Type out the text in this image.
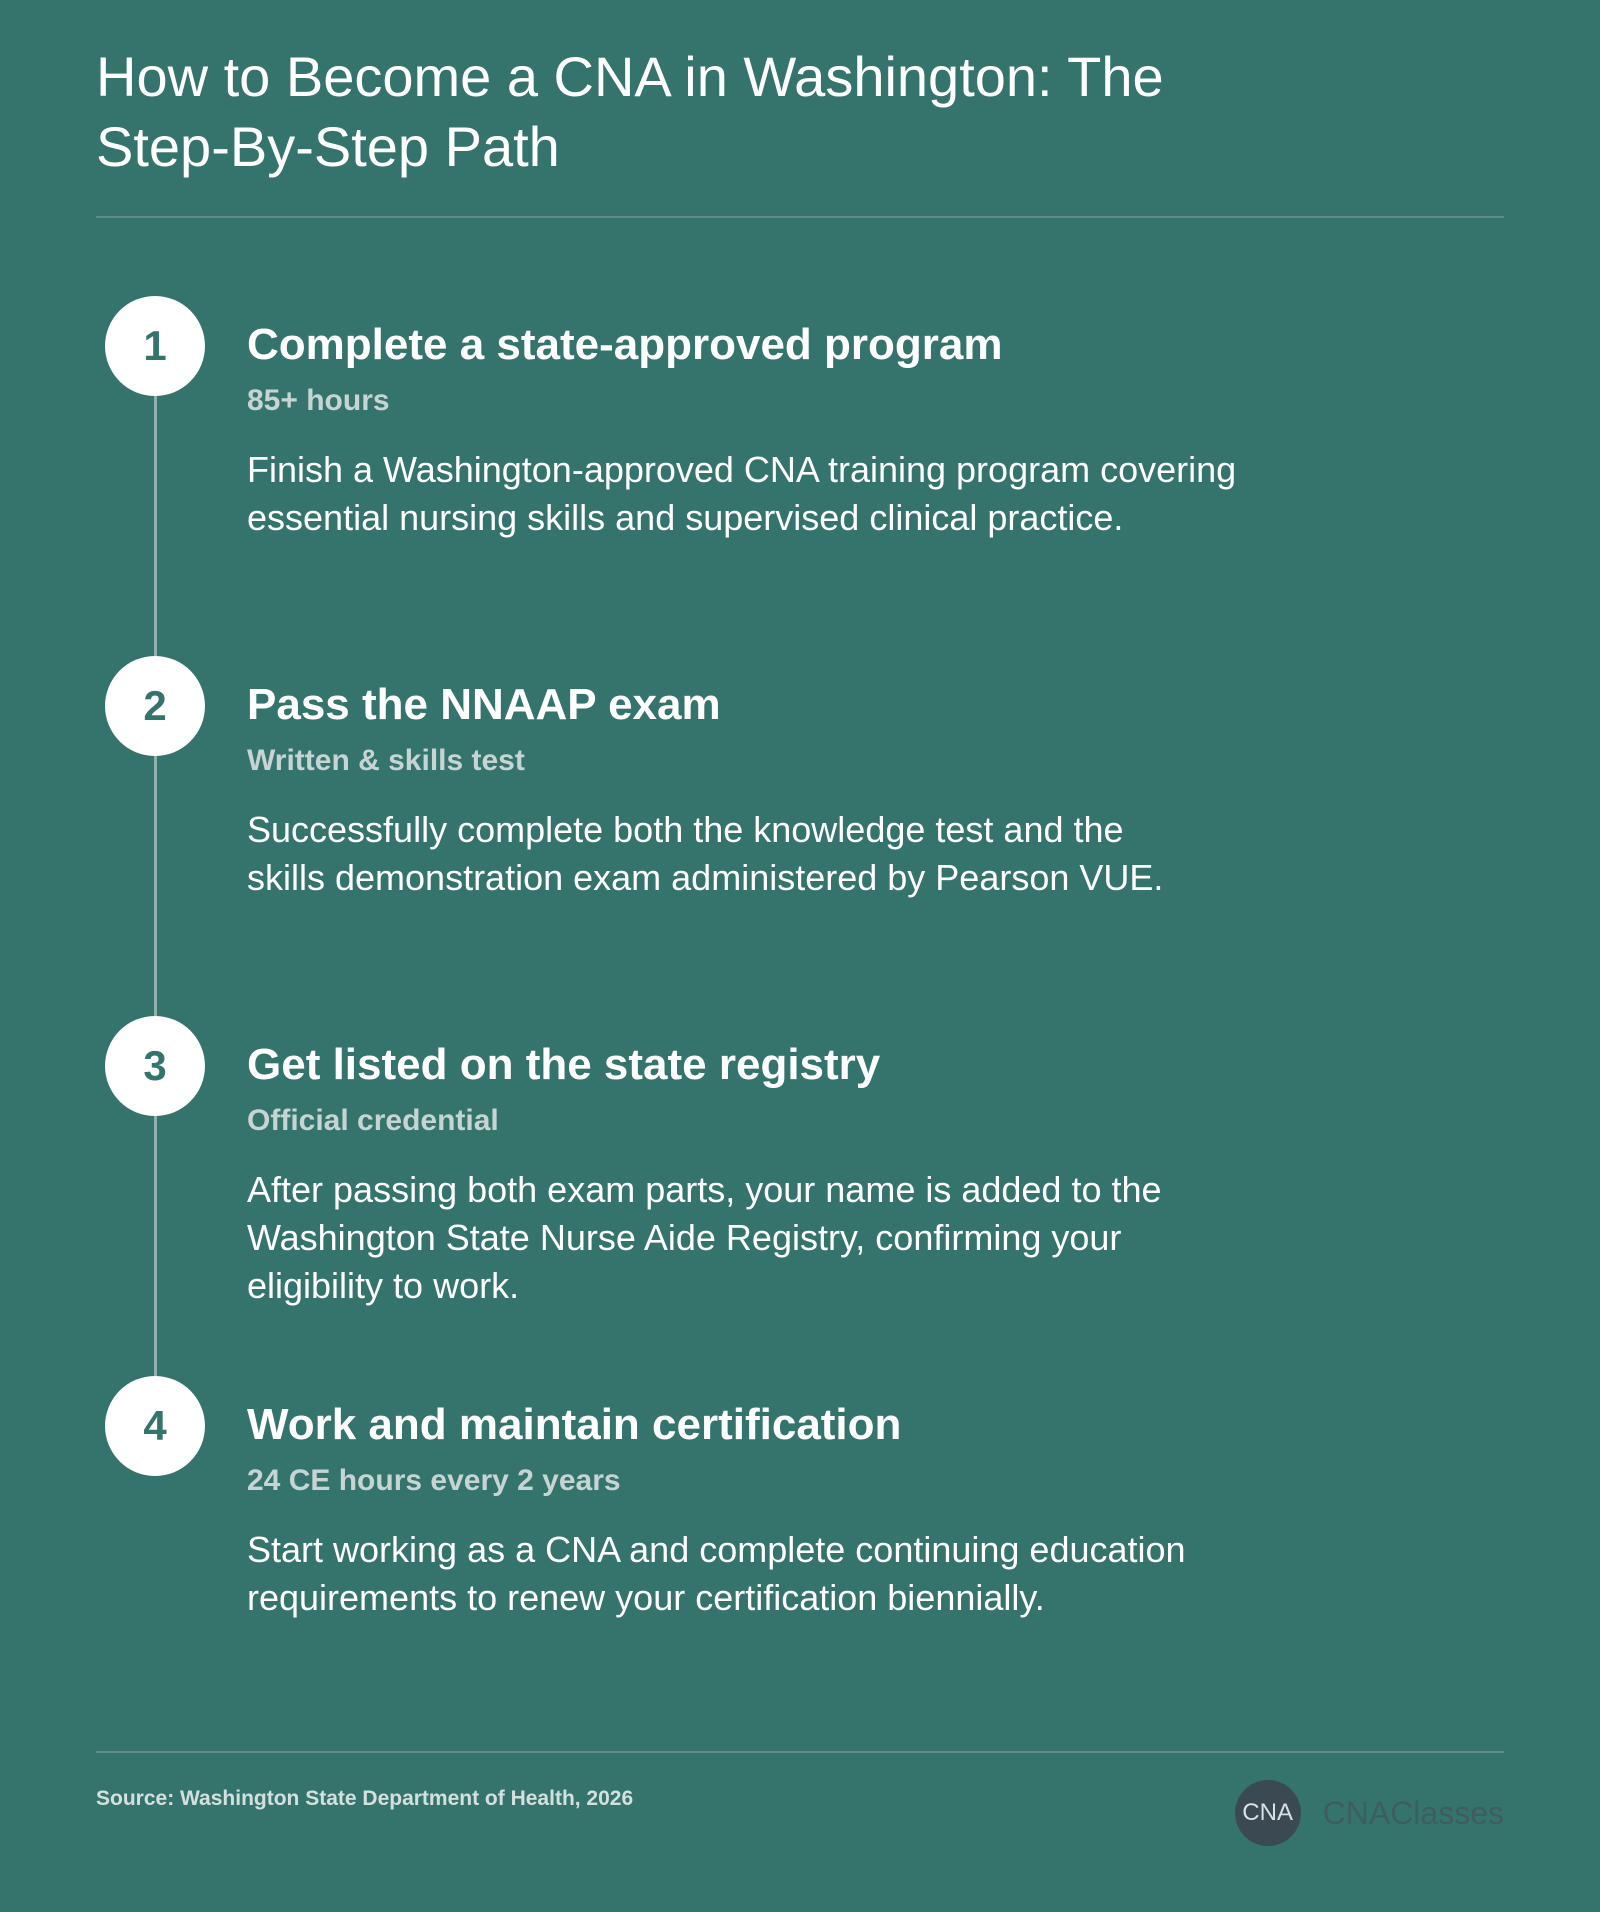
How to Become a CNA in Washington: The
Step-By-Step Path
1	Complete a state-approved program
85+ hours

Finish a Washington-approved CNA training program covering
essential nursing skills and supervised clinical practice.

2	Pass the NNAAP exam
Written & skills test

Successfully complete both the knowledge test and the
skills demonstration exam administered by Pearson VUE.

3	Get listed on the state registry
Official credential

After passing both exam parts, your name is added to the
Washington State Nurse Aide Registry, confirming your
eligibility to work.

4	Work and maintain certification
24 CE hours every 2 years

Start working as a CNA and complete continuing education
requirements to renew your certification biennially.

Source: Washington State Department of Health, 2026
CNA CNAClasses
